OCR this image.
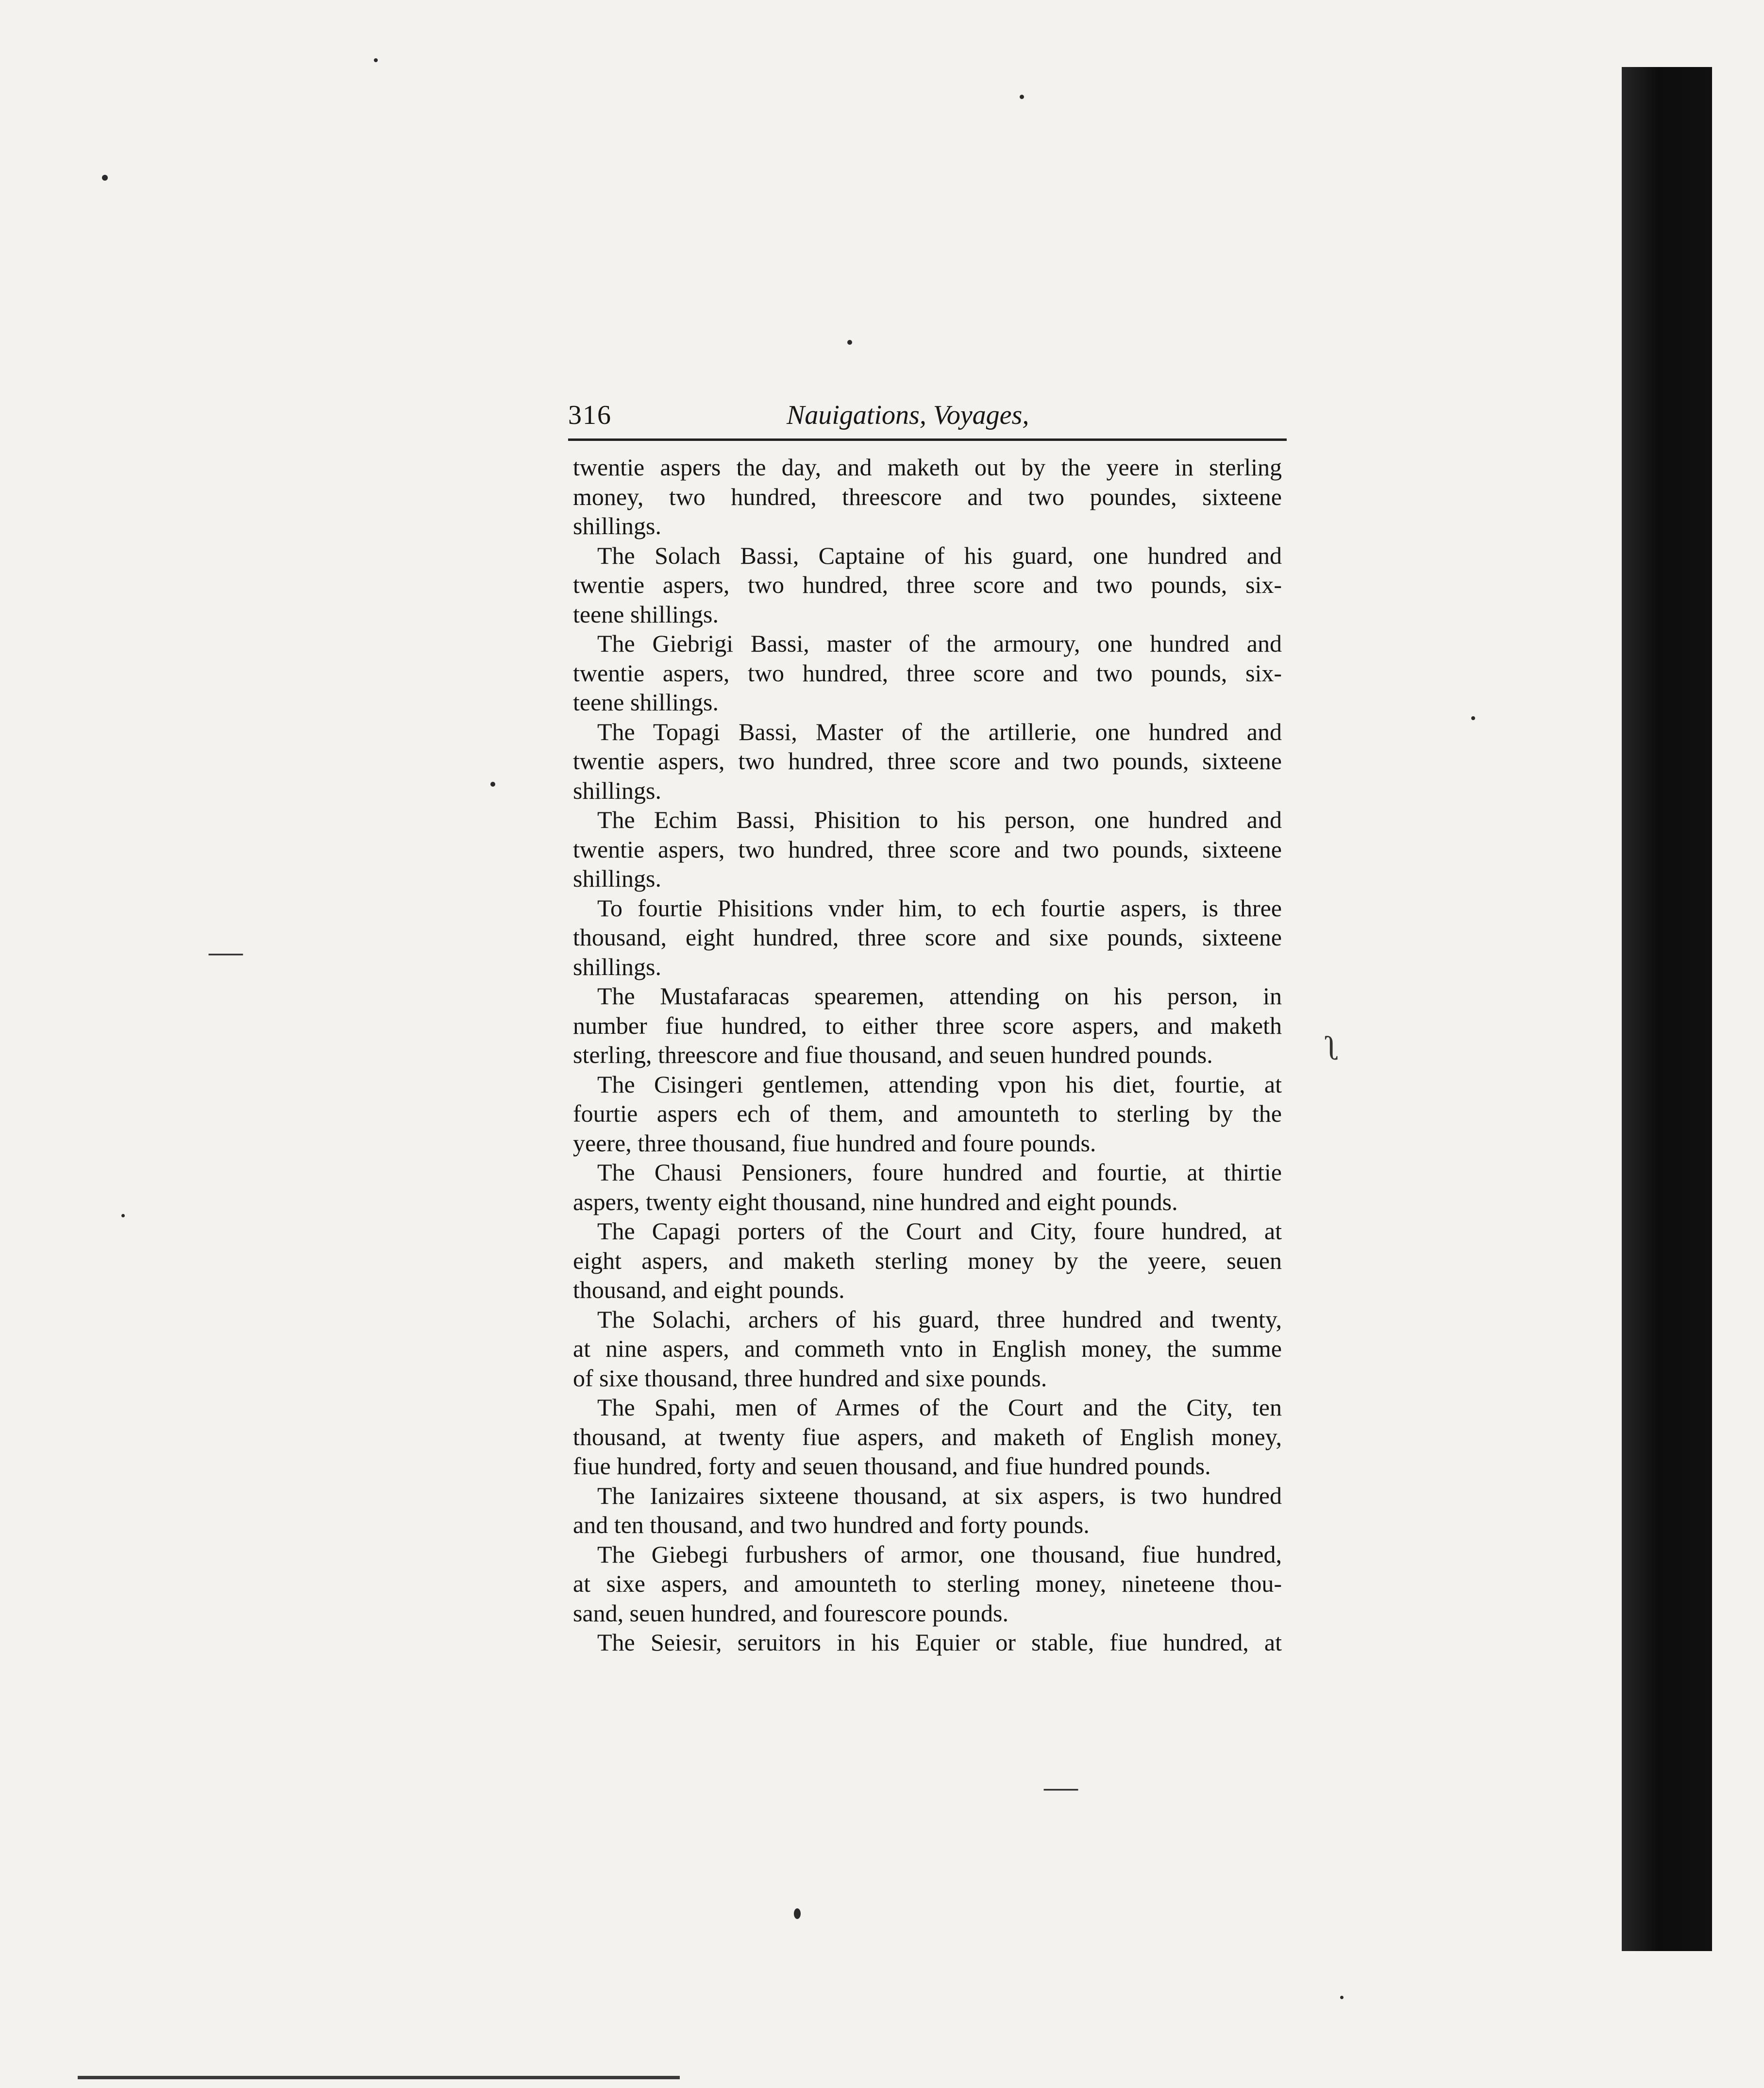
ʅ
—
—
316	Nauigations, Voyages,
twentie aspers the day, and maketh out by the yeere in sterling
money, two hundred, threescore and two poundes, sixteene
shillings.
The Solach Bassi, Captaine of his guard, one hundred and
twentie aspers, two hundred, three score and two pounds, six-
teene shillings.
The Giebrigi Bassi, master of the armoury, one hundred and
twentie aspers, two hundred, three score and two pounds, six-
teene shillings.
The Topagi Bassi, Master of the artillerie, one hundred and
twentie aspers, two hundred, three score and two pounds, sixteene
shillings.
The Echim Bassi, Phisition to his person, one hundred and
twentie aspers, two hundred, three score and two pounds, sixteene
shillings.
To fourtie Phisitions vnder him, to ech fourtie aspers, is three
thousand, eight hundred, three score and sixe pounds, sixteene
shillings.
The Mustafaracas spearemen, attending on his person, in
number fiue hundred, to either three score aspers, and maketh
sterling, threescore and fiue thousand, and seuen hundred pounds.
The Cisingeri gentlemen, attending vpon his diet, fourtie, at
fourtie aspers ech of them, and amounteth to sterling by the
yeere, three thousand, fiue hundred and foure pounds.
The Chausi Pensioners, foure hundred and fourtie, at thirtie
aspers, twenty eight thousand, nine hundred and eight pounds.
The Capagi porters of the Court and City, foure hundred, at
eight aspers, and maketh sterling money by the yeere, seuen
thousand, and eight pounds.
The Solachi, archers of his guard, three hundred and twenty,
at nine aspers, and commeth vnto in English money, the summe
of sixe thousand, three hundred and sixe pounds.
The Spahi, men of Armes of the Court and the City, ten
thousand, at twenty fiue aspers, and maketh of English money,
fiue hundred, forty and seuen thousand, and fiue hundred pounds.
The Ianizaires sixteene thousand, at six aspers, is two hundred
and ten thousand, and two hundred and forty pounds.
The Giebegi furbushers of armor, one thousand, fiue hundred,
at sixe aspers, and amounteth to sterling money, nineteene thou-
sand, seuen hundred, and fourescore pounds.
The Seiesir, seruitors in his Equier or stable, fiue hundred, at
